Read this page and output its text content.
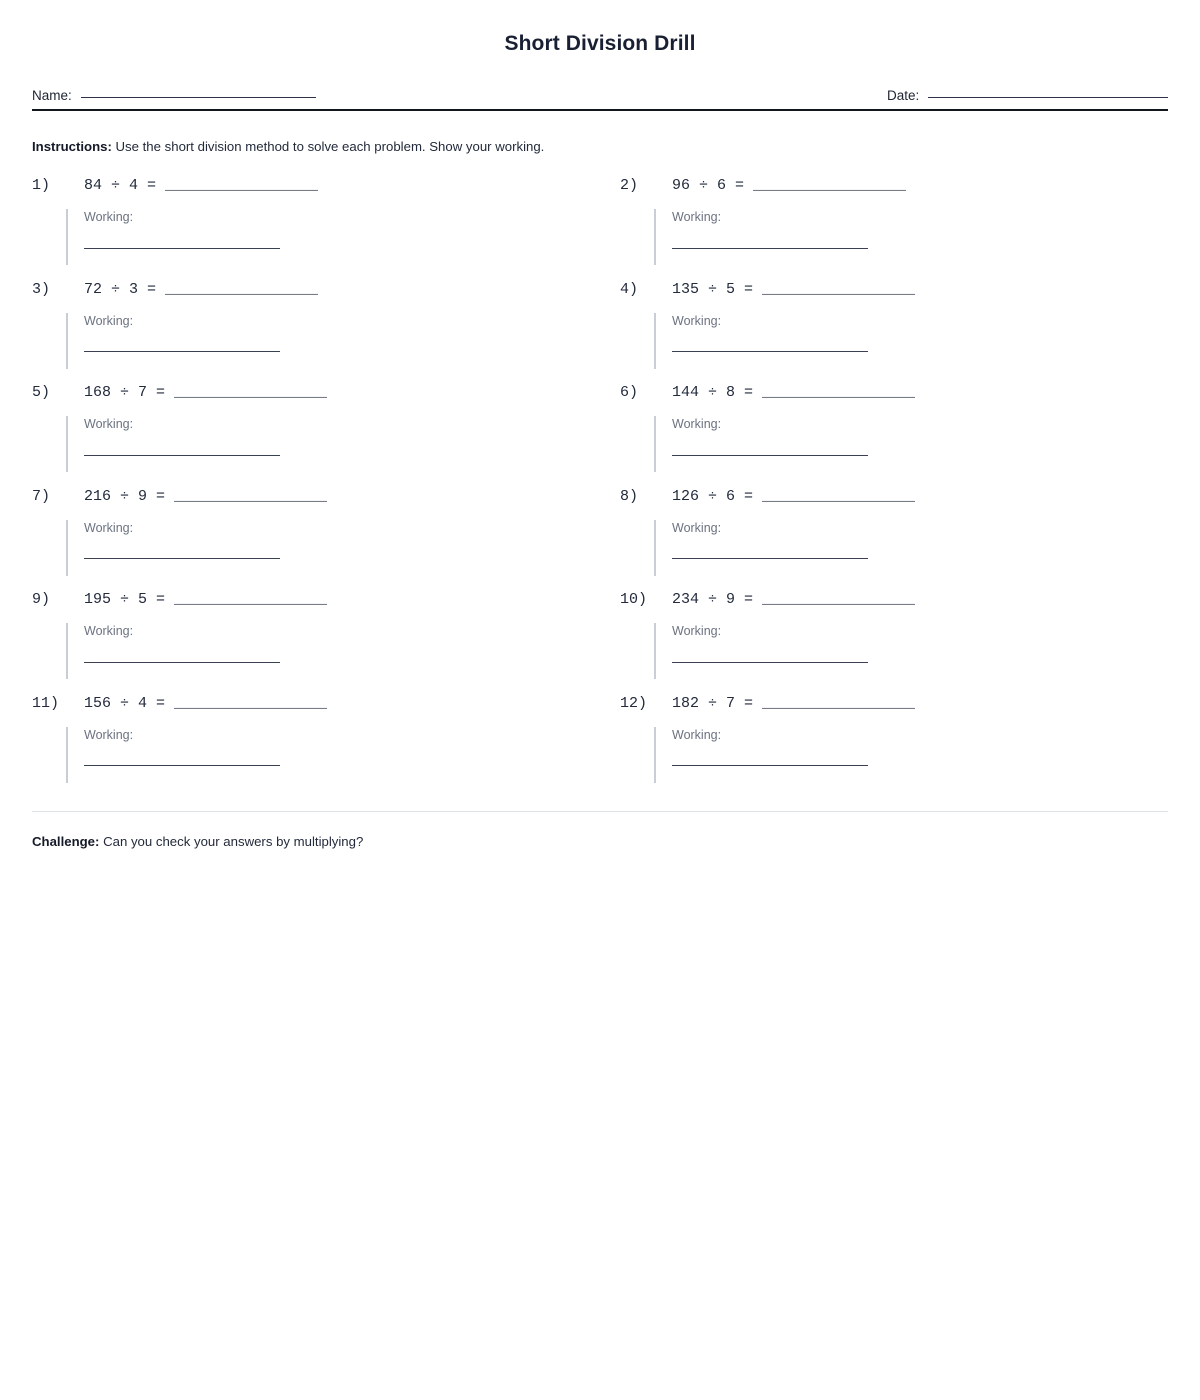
Short Division Drill
Name:	Date:
Instructions: Use the short division method to solve each problem. Show your working.
1) 84 ÷ 4 = _________________
Working:
2) 96 ÷ 6 = _________________
Working:
3) 72 ÷ 3 = _________________
Working:
4) 135 ÷ 5 = _________________
Working:
5) 168 ÷ 7 = _________________
Working:
6) 144 ÷ 8 = _________________
Working:
7) 216 ÷ 9 = _________________
Working:
8) 126 ÷ 6 = _________________
Working:
9) 195 ÷ 5 = _________________
Working:
10) 234 ÷ 9 = _________________
Working:
11) 156 ÷ 4 = _________________
Working:
12) 182 ÷ 7 = _________________
Working:
Challenge: Can you check your answers by multiplying?
